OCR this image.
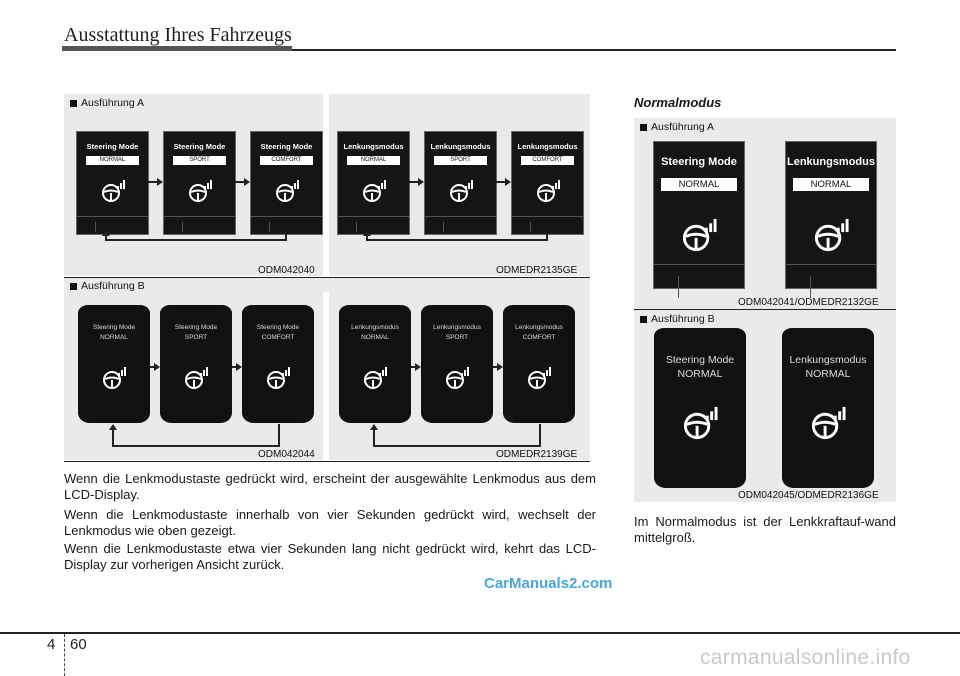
Ausstattung Ihres Fahrzeugs
Ausführung A
Steering Mode
NORMAL
Steering Mode
SPORT
Steering Mode
COMFORT
Lenkungsmodus
NORMAL
Lenkungsmodus
SPORT
Lenkungsmodus
COMFORT
ODM042040	ODMEDR2135GE
Ausführung B
Steering Mode
NORMAL
Steering Mode
SPORT
Steering Mode
COMFORT
Lenkungsmodus
NORMAL
Lenkungsmodus
SPORT
Lenkungsmodus
COMFORT
ODM042044	ODMEDR2139GE
Wenn die Lenkmodustaste gedrückt wird, erscheint der ausgewählte Lenkmodus aus dem LCD-Display.
Wenn die Lenkmodustaste innerhalb von vier Sekunden gedrückt wird, wechselt der Lenkmodus wie oben gezeigt.
Wenn die Lenkmodustaste etwa vier Sekunden lang nicht gedrückt wird, kehrt das LCD-Display zur vorherigen Ansicht zurück.
CarManuals2.com
Normalmodus
Ausführung A
Steering Mode
NORMAL
Lenkungsmodus
NORMAL
ODM042041/ODMEDR2132GE
Ausführung B
Steering Mode
NORMAL
Lenkungsmodus
NORMAL
ODM042045/ODMEDR2136GE
Im Normalmodus ist der Lenkkraftauf-wand mittelgroß.
4 60
carmanualsonline.info
